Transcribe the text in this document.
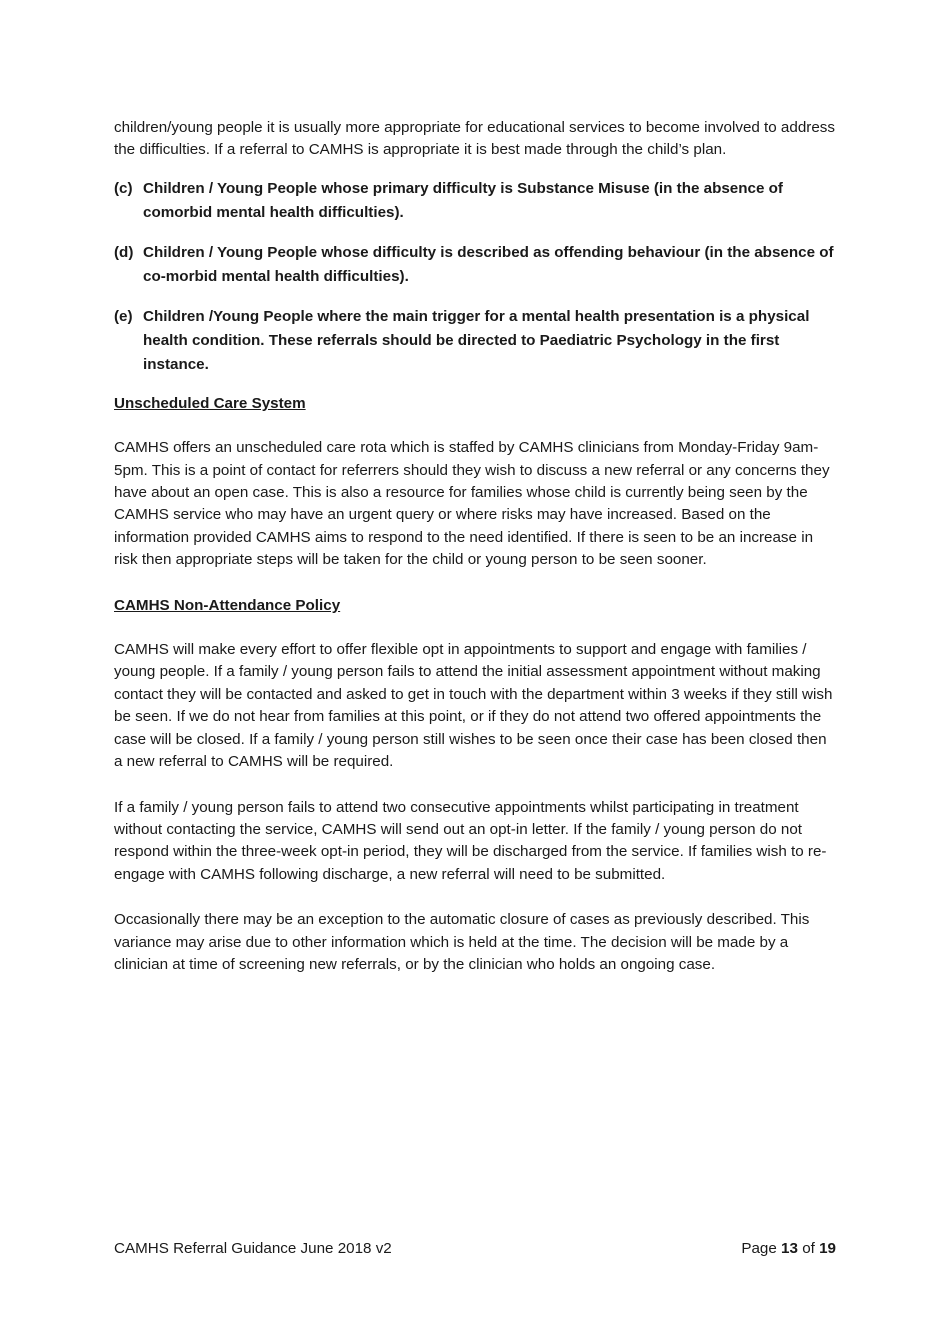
children/young people it is usually more appropriate for educational services to become involved to address the difficulties. If a referral to CAMHS is appropriate it is best made through the child’s plan.

(c) Children / Young People whose primary difficulty is Substance Misuse (in the absence of comorbid mental health difficulties).
(d) Children / Young People whose difficulty is described as offending behaviour (in the absence of co-morbid mental health difficulties).
(e) Children /Young People where the main trigger for a mental health presentation is a physical health condition. These referrals should be directed to Paediatric Psychology in the first instance.

Unscheduled Care System

CAMHS offers an unscheduled care rota which is staffed by CAMHS clinicians from Monday-Friday 9am-5pm. This is a point of contact for referrers should they wish to discuss a new referral or any concerns they have about an open case. This is also a resource for families whose child is currently being seen by the CAMHS service who may have an urgent query or where risks may have increased. Based on the information provided CAMHS aims to respond to the need identified. If there is seen to be an increase in risk then appropriate steps will be taken for the child or young person to be seen sooner.

CAMHS Non-Attendance Policy

CAMHS will make every effort to offer flexible opt in appointments to support and engage with families / young people. If a family / young person fails to attend the initial assessment appointment without making contact they will be contacted and asked to get in touch with the department within 3 weeks if they still wish be seen. If we do not hear from families at this point, or if they do not attend two offered appointments the case will be closed. If a family / young person still wishes to be seen once their case has been closed then a new referral to CAMHS will be required.

If a family / young person fails to attend two consecutive appointments whilst participating in treatment without contacting the service, CAMHS will send out an opt-in letter. If the family / young person do not respond within the three-week opt-in period, they will be discharged from the service. If families wish to re-engage with CAMHS following discharge, a new referral will need to be submitted.

Occasionally there may be an exception to the automatic closure of cases as previously described. This variance may arise due to other information which is held at the time. The decision will be made by a clinician at time of screening new referrals, or by the clinician who holds an ongoing case.

CAMHS Referral Guidance June 2018 v2	Page 13 of 19
